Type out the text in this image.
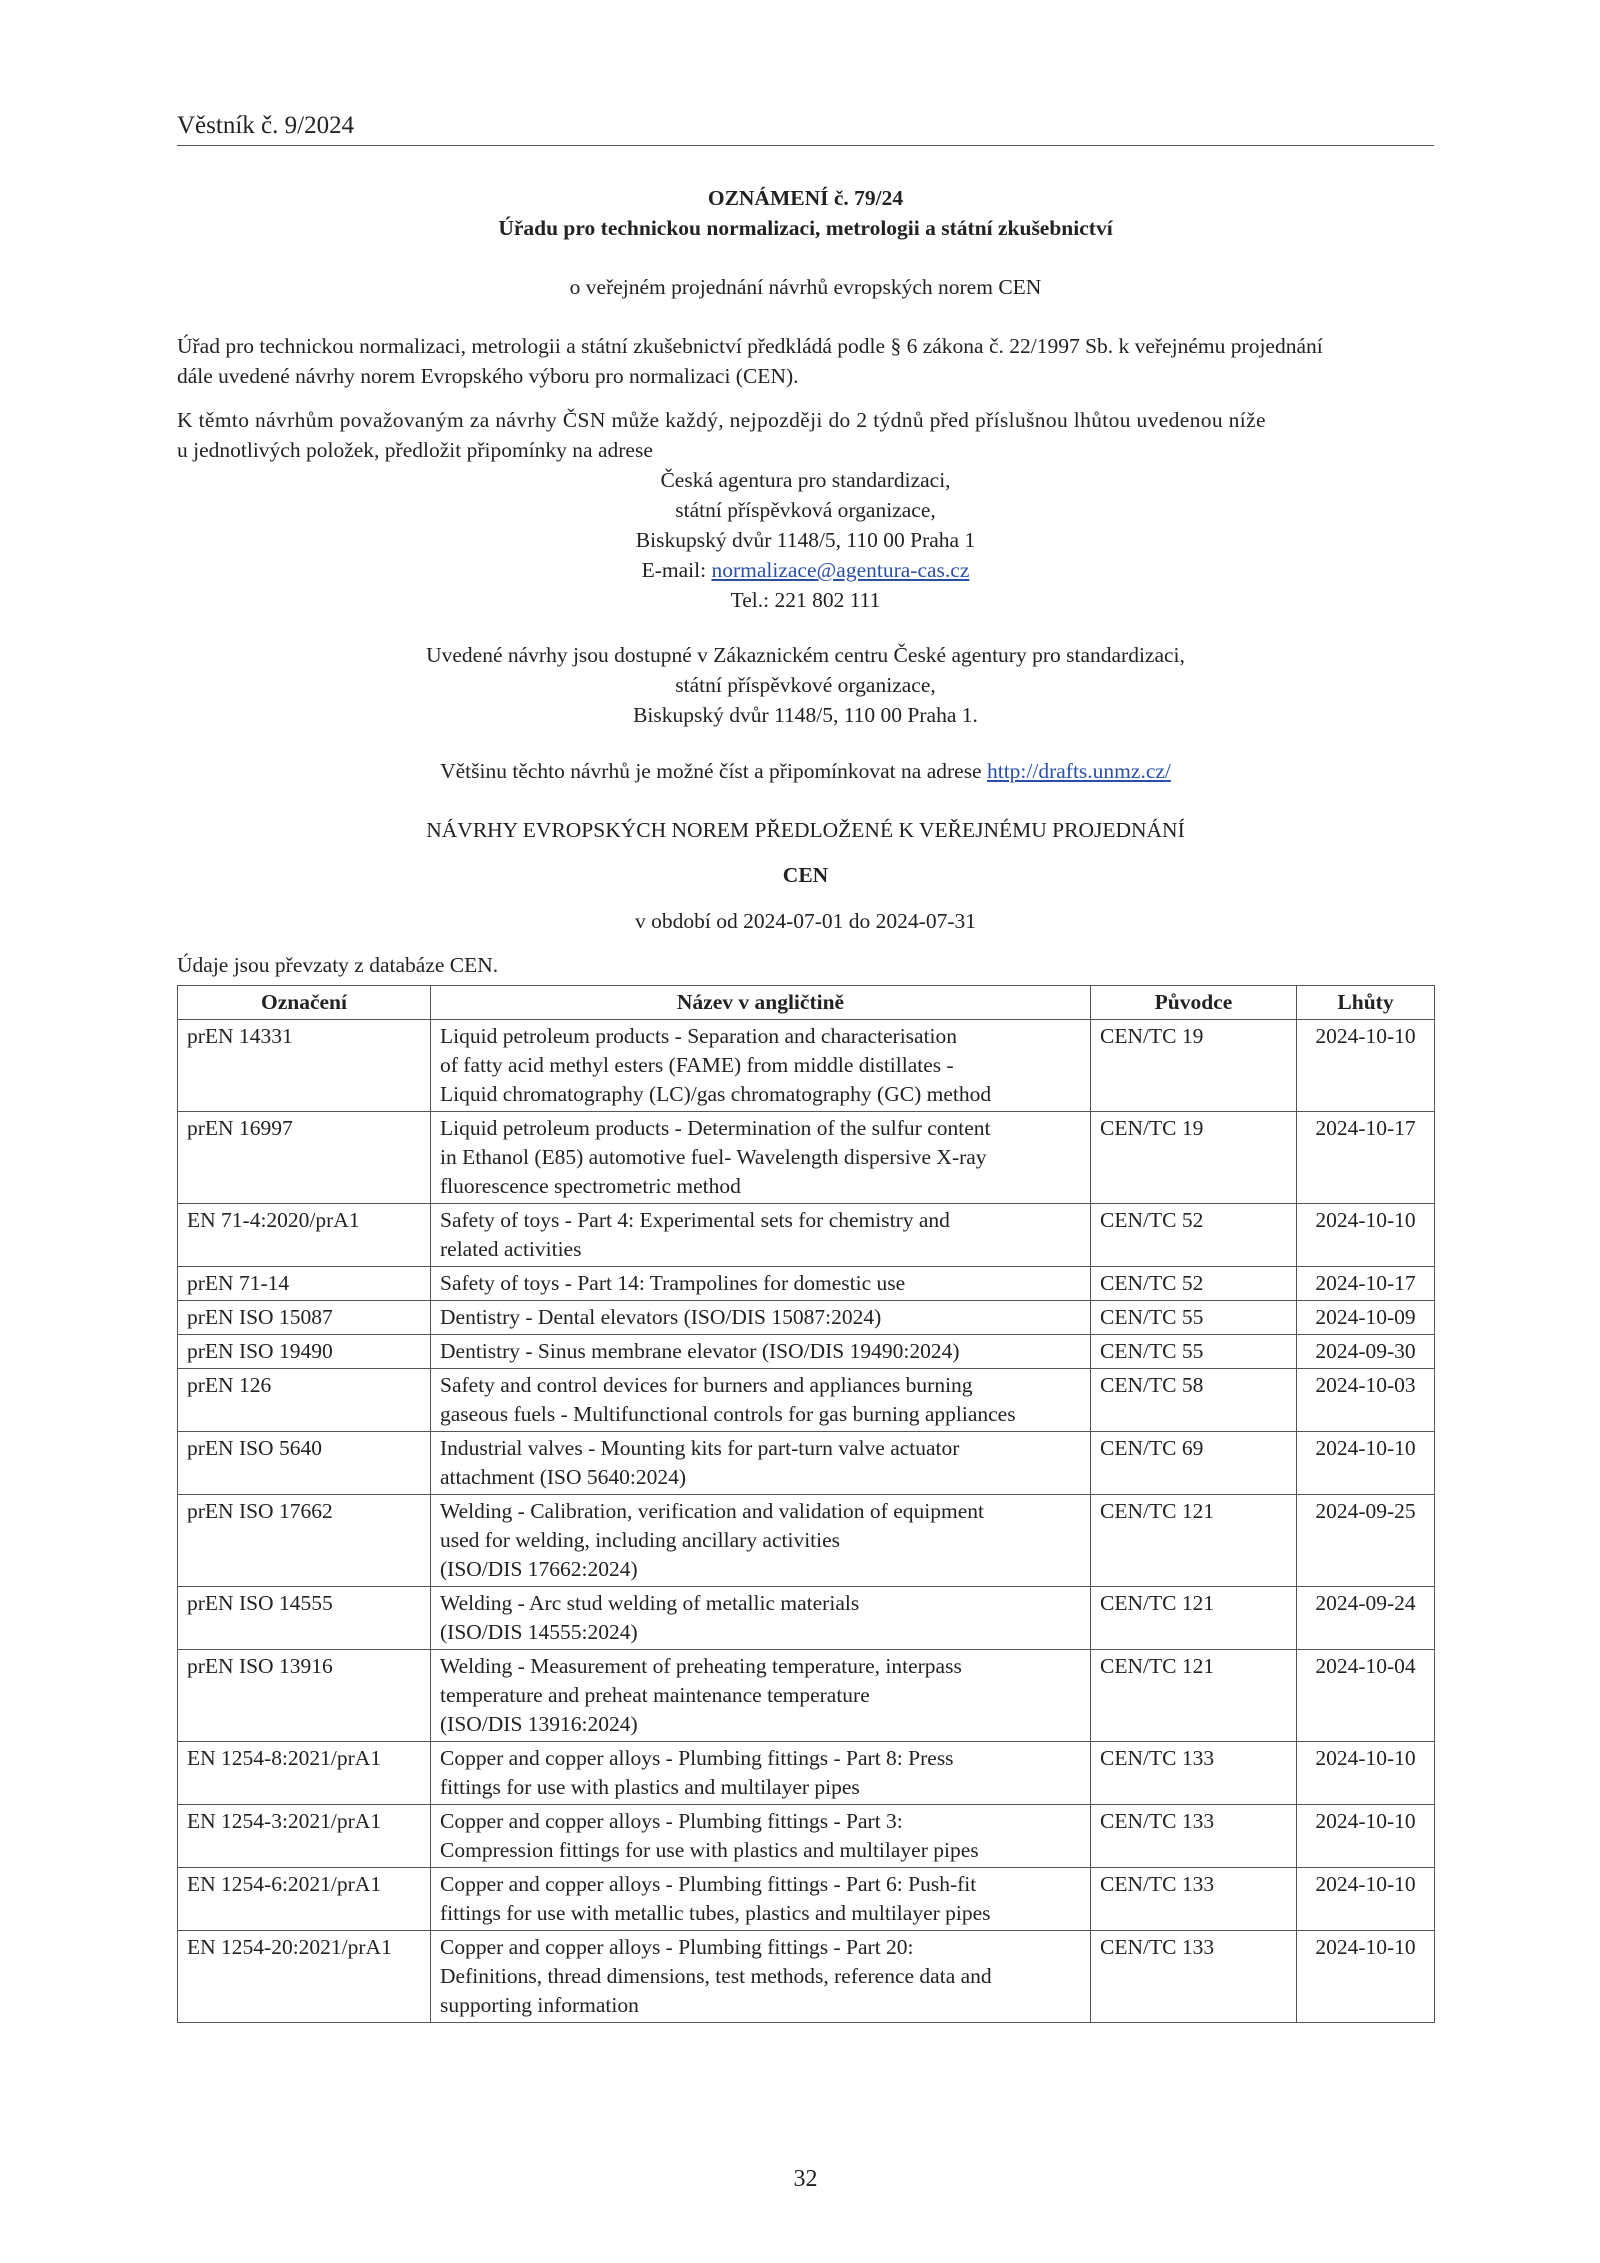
Věstník č. 9/2024
OZNÁMENÍ č. 79/24
Úřadu pro technickou normalizaci, metrologii a státní zkušebnictví
o veřejném projednání návrhů evropských norem CEN
Úřad pro technickou normalizaci, metrologii a státní zkušebnictví předkládá podle § 6 zákona č. 22/1997 Sb. k veřejnému projednání
dále uvedené návrhy norem Evropského výboru pro normalizaci (CEN).
K těmto návrhům považovaným za návrhy ČSN může každý, nejpozději do 2 týdnů před příslušnou lhůtou uvedenou níže
u jednotlivých položek, předložit připomínky na adrese
Česká agentura pro standardizaci,
státní příspěvková organizace,
Biskupský dvůr 1148/5, 110 00 Praha 1
E-mail: normalizace@agentura-cas.cz
Tel.: 221 802 111
Uvedené návrhy jsou dostupné v Zákaznickém centru České agentury pro standardizaci,
státní příspěvkové organizace,
Biskupský dvůr 1148/5, 110 00 Praha 1.
Většinu těchto návrhů je možné číst a připomínkovat na adrese http://drafts.unmz.cz/
NÁVRHY EVROPSKÝCH NOREM PŘEDLOŽENÉ K VEŘEJNÉMU PROJEDNÁNÍ
CEN
v období od 2024-07-01 do 2024-07-31
Údaje jsou převzaty z databáze CEN.
Označení	Název v angličtině	Původce	Lhůty
prEN 14331	Liquid petroleum products - Separation and characterisation
of fatty acid methyl esters (FAME) from middle distillates -
Liquid chromatography (LC)/gas chromatography (GC) method	CEN/TC 19	2024-10-10
prEN 16997	Liquid petroleum products - Determination of the sulfur content
in Ethanol (E85) automotive fuel- Wavelength dispersive X-ray
fluorescence spectrometric method	CEN/TC 19	2024-10-17
EN 71-4:2020/prA1	Safety of toys - Part 4: Experimental sets for chemistry and
related activities	CEN/TC 52	2024-10-10
prEN 71-14	Safety of toys - Part 14: Trampolines for domestic use	CEN/TC 52	2024-10-17
prEN ISO 15087	Dentistry - Dental elevators (ISO/DIS 15087:2024)	CEN/TC 55	2024-10-09
prEN ISO 19490	Dentistry - Sinus membrane elevator (ISO/DIS 19490:2024)	CEN/TC 55	2024-09-30
prEN 126	Safety and control devices for burners and appliances burning
gaseous fuels - Multifunctional controls for gas burning appliances	CEN/TC 58	2024-10-03
prEN ISO 5640	Industrial valves - Mounting kits for part-turn valve actuator
attachment (ISO 5640:2024)	CEN/TC 69	2024-10-10
prEN ISO 17662	Welding - Calibration, verification and validation of equipment
used for welding, including ancillary activities
(ISO/DIS 17662:2024)	CEN/TC 121	2024-09-25
prEN ISO 14555	Welding - Arc stud welding of metallic materials
(ISO/DIS 14555:2024)	CEN/TC 121	2024-09-24
prEN ISO 13916	Welding - Measurement of preheating temperature, interpass
temperature and preheat maintenance temperature
(ISO/DIS 13916:2024)	CEN/TC 121	2024-10-04
EN 1254-8:2021/prA1	Copper and copper alloys - Plumbing fittings - Part 8: Press
fittings for use with plastics and multilayer pipes	CEN/TC 133	2024-10-10
EN 1254-3:2021/prA1	Copper and copper alloys - Plumbing fittings - Part 3:
Compression fittings for use with plastics and multilayer pipes	CEN/TC 133	2024-10-10
EN 1254-6:2021/prA1	Copper and copper alloys - Plumbing fittings - Part 6: Push-fit
fittings for use with metallic tubes, plastics and multilayer pipes	CEN/TC 133	2024-10-10
EN 1254-20:2021/prA1	Copper and copper alloys - Plumbing fittings - Part 20:
Definitions, thread dimensions, test methods, reference data and
supporting information	CEN/TC 133	2024-10-10
32
